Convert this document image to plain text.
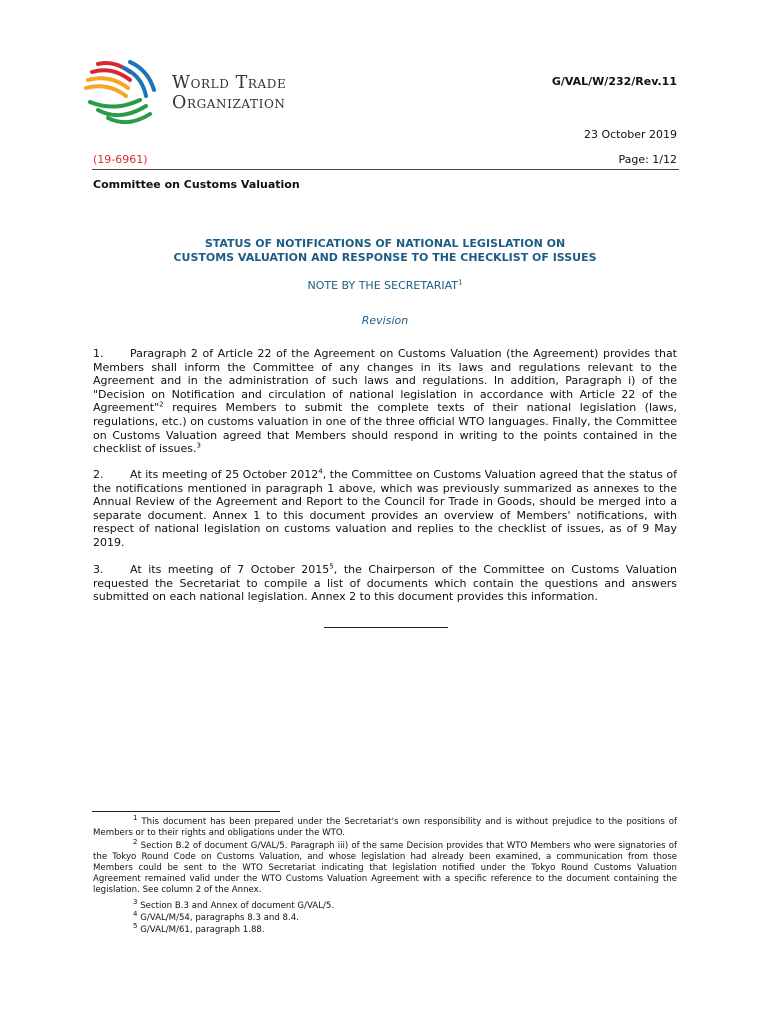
World Trade
Organization
G/VAL/W/232/Rev.11
23 October 2019
(19-6961)	Page: 1/12
Committee on Customs Valuation
STATUS OF NOTIFICATIONS OF NATIONAL LEGISLATION ON
CUSTOMS VALUATION AND RESPONSE TO THE CHECKLIST OF ISSUES
NOTE BY THE SECRETARIAT$^1$
Revision
1. Paragraph 2 of Article 22 of the Agreement on Customs Valuation (the Agreement) provides that Members shall inform the Committee of any changes in its laws and regulations relevant to the Agreement and in the administration of such laws and regulations. In addition, Paragraph i) of the "Decision on Notification and circulation of national legislation in accordance with Article 22 of the Agreement"$^2$ requires Members to submit the complete texts of their national legislation (laws, regulations, etc.) on customs valuation in one of the three official WTO languages. Finally, the Committee on Customs Valuation agreed that Members should respond in writing to the points contained in the checklist of issues.$^3$
2. At its meeting of 25 October 2012$^4$, the Committee on Customs Valuation agreed that the status of the notifications mentioned in paragraph 1 above, which was previously summarized as annexes to the Annual Review of the Agreement and Report to the Council for Trade in Goods, should be merged into a separate document. Annex 1 to this document provides an overview of Members' notifications, with respect of national legislation on customs valuation and replies to the checklist of issues, as of 9 May 2019.
3. At its meeting of 7 October 2015$^5$, the Chairperson of the Committee on Customs Valuation requested the Secretariat to compile a list of documents which contain the questions and answers submitted on each national legislation. Annex 2 to this document provides this information.
$^1$ This document has been prepared under the Secretariat's own responsibility and is without prejudice to the positions of Members or to their rights and obligations under the WTO.
$^2$ Section B.2 of document G/VAL/5. Paragraph iii) of the same Decision provides that WTO Members who were signatories of the Tokyo Round Code on Customs Valuation, and whose legislation had already been examined, a communication from those Members could be sent to the WTO Secretariat indicating that legislation notified under the Tokyo Round Customs Valuation Agreement remained valid under the WTO Customs Valuation Agreement with a specific reference to the document containing the legislation. See column 2 of the Annex.
$^3$ Section B.3 and Annex of document G/VAL/5.
$^4$ G/VAL/M/54, paragraphs 8.3 and 8.4.
$^5$ G/VAL/M/61, paragraph 1.88.
